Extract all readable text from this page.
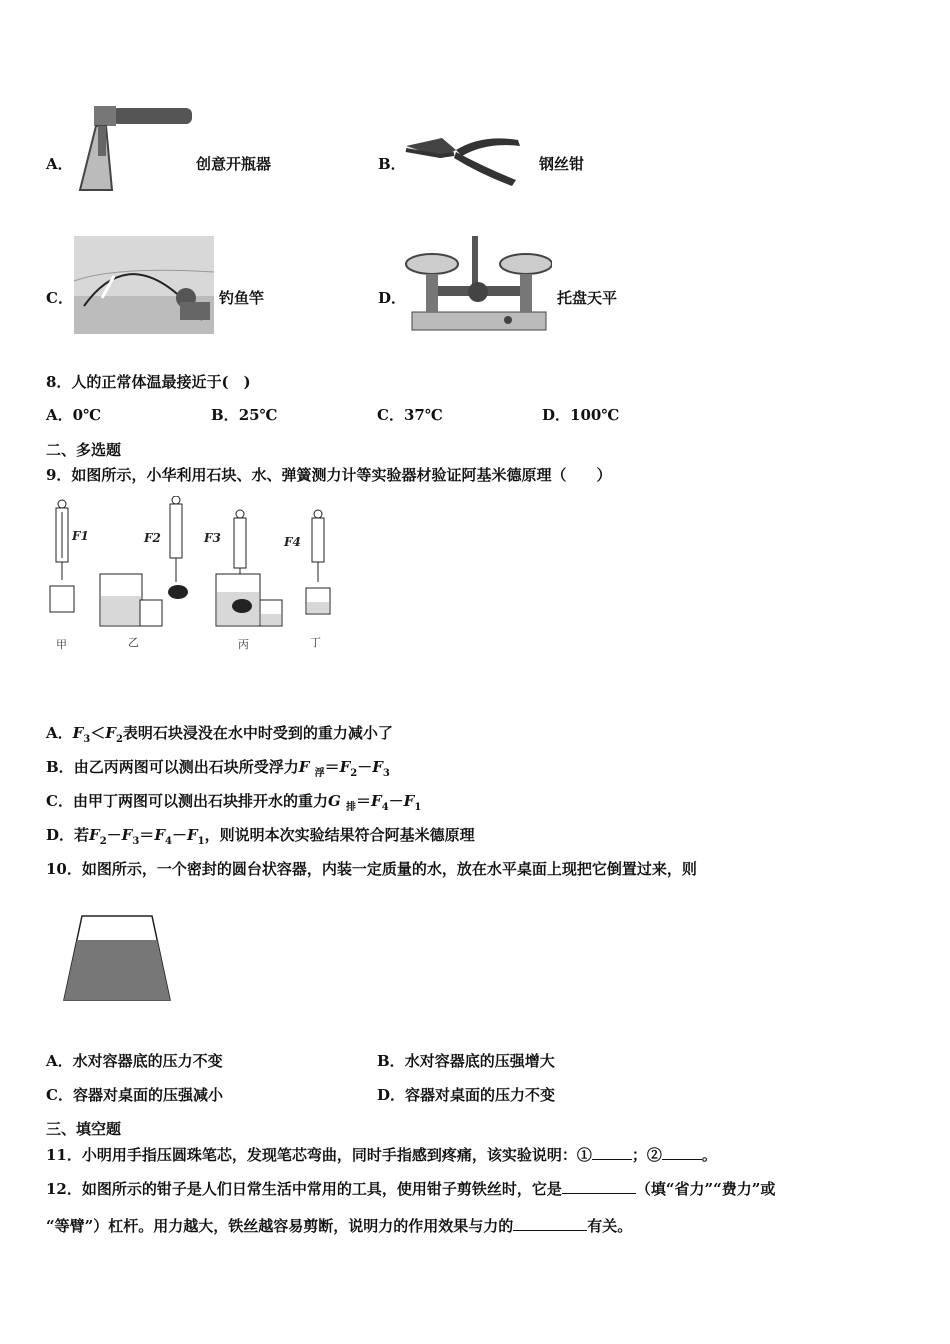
A．	创意开瓶器	B．	钢丝钳
C．	钓鱼竿	D．	托盘天平
8．人的正常体温最接近于(　)
A．0℃	B．25℃	C．37℃	D．100℃
二、多选题
9．如图所示，小华利用石块、水、弹簧测力计等实验器材验证阿基米德原理（　　）
F1	F2	F3	F4
甲	乙	丙	丁
A．$F_3<F_2$表明石块浸没在水中时受到的重力减小了
B．由乙丙两图可以测出石块所受浮力F $_浮=F_2-F_3$
C．由甲丁两图可以测出石块排开水的重力G $_排=F_4-F_1$
D．若$F_2-F_3=F_4-F_1$，则说明本次实验结果符合阿基米德原理
10．如图所示，一个密封的圆台状容器，内装一定质量的水，放在水平桌面上现把它倒置过来，则
A．水对容器底的压力不变	B．水对容器底的压强增大
C．容器对桌面的压强减小	D．容器对桌面的压力不变
三、填空题
11．小明用手指压圆珠笔芯，发现笔芯弯曲，同时手指感到疼痛，该实验说明：①	；②	。
12．如图所示的钳子是人们日常生活中常用的工具，使用钳子剪铁丝时，它是	（填“省力”“费力”或
“等臂”）杠杆。用力越大，铁丝越容易剪断，说明力的作用效果与力的	有关。
